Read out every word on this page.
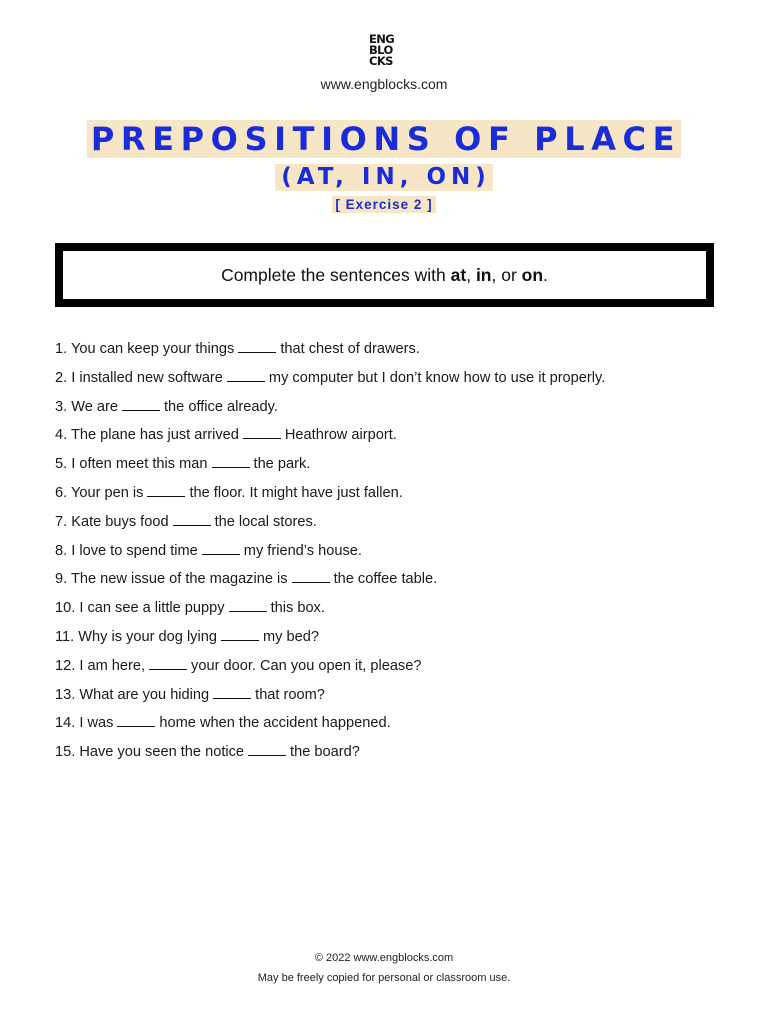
ENG
BLO
CKS
www.engblocks.com
PREPOSITIONS OF PLACE
(AT, IN, ON)
[ Exercise 2 ]
Complete the sentences with at , in , or on .
1. You can keep your things	that chest of drawers.
2. I installed new software	my computer but I don’t know how to use it properly.
3. We are	the office already.
4. The plane has just arrived	Heathrow airport.
5. I often meet this man	the park.
6. Your pen is	the floor. It might have just fallen.
7. Kate buys food	the local stores.
8. I love to spend time	my friend’s house.
9. The new issue of the magazine is	the coffee table.
10. I can see a little puppy	this box.
11. Why is your dog lying	my bed?
12. I am here,	your door. Can you open it, please?
13. What are you hiding	that room?
14. I was	home when the accident happened.
15. Have you seen the notice	the board?
© 2022 www.engblocks.com
May be freely copied for personal or classroom use.
